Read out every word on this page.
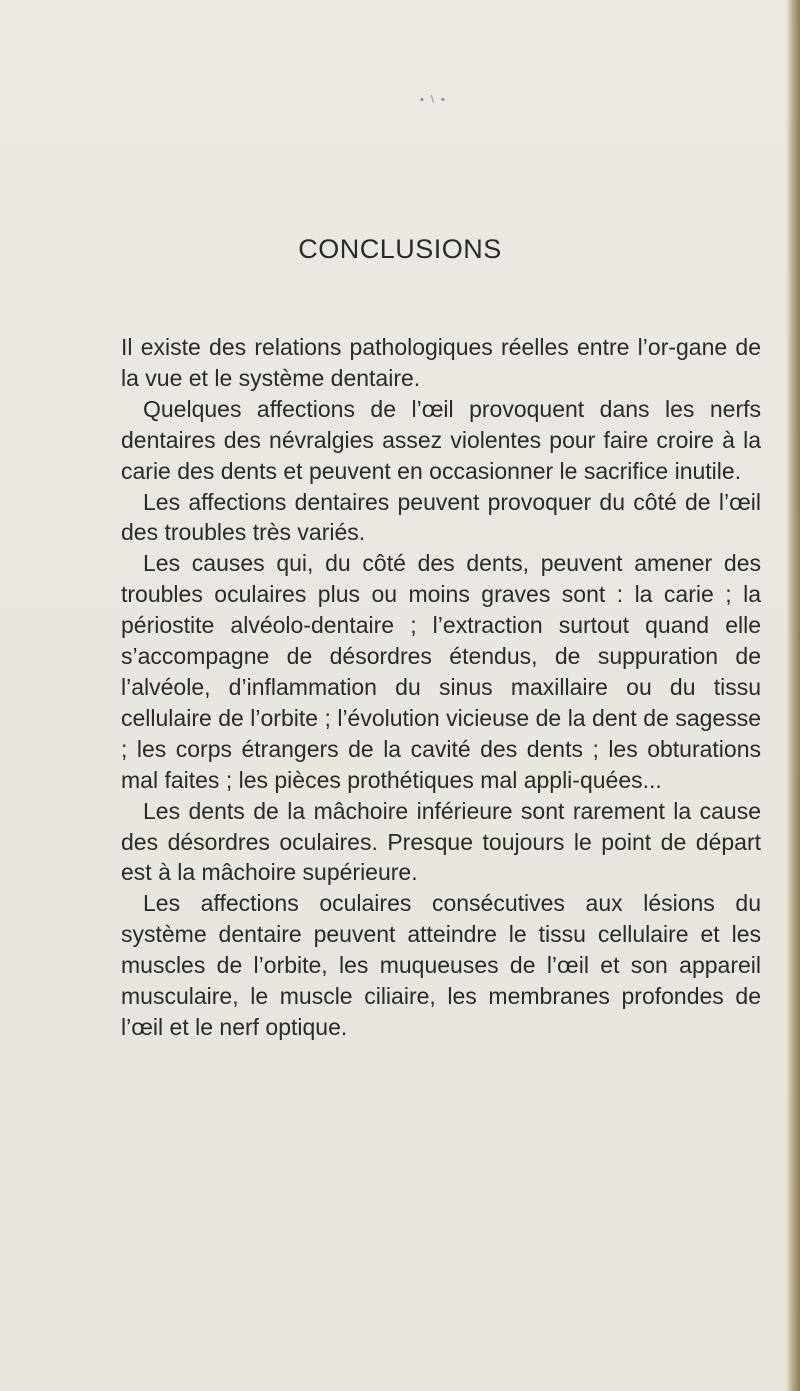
• \ •
CONCLUSIONS

Il existe des relations pathologiques réelles entre l’or-gane de la vue et le système dentaire.

Quelques affections de l’œil provoquent dans les nerfs dentaires des névralgies assez violentes pour faire croire à la carie des dents et peuvent en occasionner le sacrifice inutile.

Les affections dentaires peuvent provoquer du côté de l’œil des troubles très variés.

Les causes qui, du côté des dents, peuvent amener des troubles oculaires plus ou moins graves sont : la carie ; la périostite alvéolo-dentaire ; l’extraction surtout quand elle s’accompagne de désordres étendus, de suppuration de l’alvéole, d’inflammation du sinus maxillaire ou du tissu cellulaire de l’orbite ; l’évolution vicieuse de la dent de sagesse ; les corps étrangers de la cavité des dents ; les obturations mal faites ; les pièces prothétiques mal appli-quées...

Les dents de la mâchoire inférieure sont rarement la cause des désordres oculaires. Presque toujours le point de départ est à la mâchoire supérieure.

Les affections oculaires consécutives aux lésions du système dentaire peuvent atteindre le tissu cellulaire et les muscles de l’orbite, les muqueuses de l’œil et son appareil musculaire, le muscle ciliaire, les membranes profondes de l’œil et le nerf optique.
